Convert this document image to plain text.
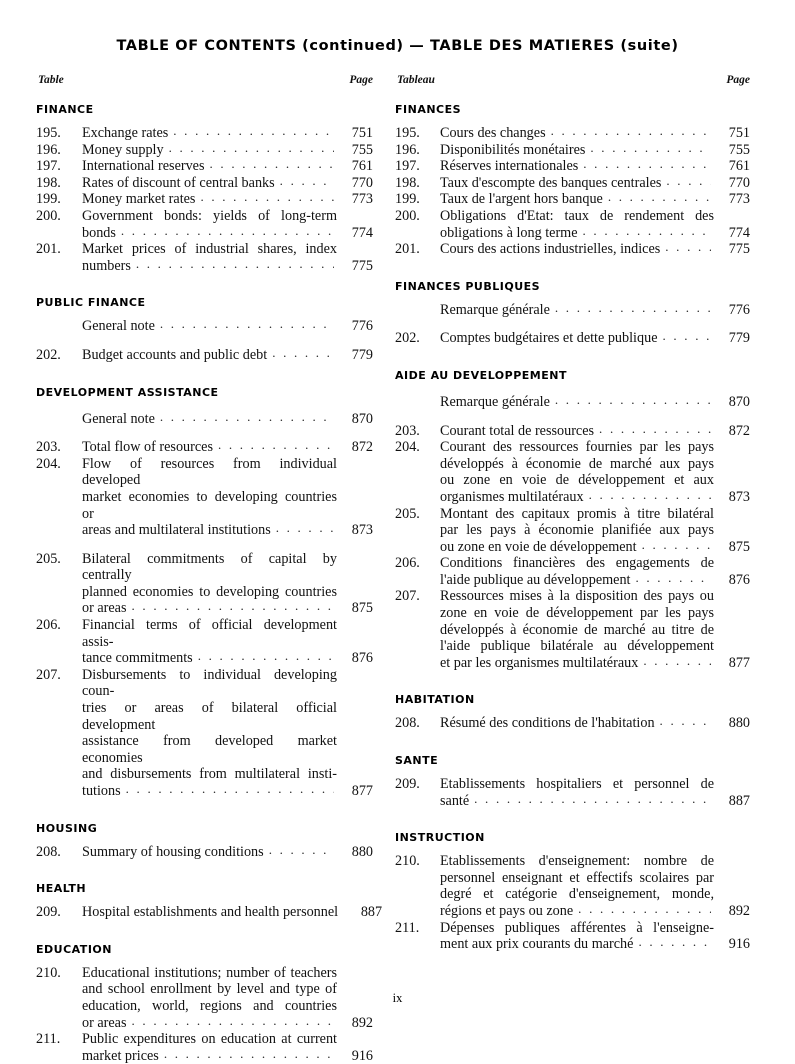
TABLE OF CONTENTS (continued) — TABLE DES MATIERES (suite)
Table	Page
FINANCE
195.	Exchange rates . . .	751
196.	Money supply . . .	755
197.	International reserves . . .	761
198.	Rates of discount of central banks . . .	770
199.	Money market rates . . .	773
200.	Government bonds: yields of long-term
bonds . . .	774
201.	Market prices of industrial shares, index
numbers . . .	775
PUBLIC FINANCE
General note . . .	776
202.	Budget accounts and public debt . . .	779
DEVELOPMENT ASSISTANCE
General note . . .	870
203.	Total flow of resources . . .	872
204.	Flow of resources from individual developed
market economies to developing countries or
areas and multilateral institutions . . .	873
205.	Bilateral commitments of capital by centrally
planned economies to developing countries
or areas . . .	875
206.	Financial terms of official development assis-
tance commitments . . .	876
207.	Disbursements to individual developing coun-
tries or areas of bilateral official development
assistance from developed market economies
and disbursements from multilateral insti-
tutions . . .	877
HOUSING
208.	Summary of housing conditions . . .	880
HEALTH
209.	Hospital establishments and health personnel	887
EDUCATION
210.	Educational institutions; number of teachers
and school enrollment by level and type of
education, world, regions and countries
or areas . . .	892
211.	Public expenditures on education at current
market prices . . .	916
Tableau	Page
FINANCES
195.	Cours des changes . . .	751
196.	Disponibilités monétaires . . .	755
197.	Réserves internationales . . .	761
198.	Taux d'escompte des banques centrales . . .	770
199.	Taux de l'argent hors banque . . .	773
200.	Obligations d'Etat: taux de rendement des
obligations à long terme . . .	774
201.	Cours des actions industrielles, indices . . .	775
FINANCES PUBLIQUES
Remarque générale . . .	776
202.	Comptes budgétaires et dette publique . . .	779
AIDE AU DEVELOPPEMENT
Remarque générale . . .	870
203.	Courant total de ressources . . .	872
204.	Courant des ressources fournies par les pays
développés à économie de marché aux pays
ou zone en voie de développement et aux
organismes multilatéraux . . .	873
205.	Montant des capitaux promis à titre bilatéral
par les pays à économie planifiée aux pays
ou zone en voie de développement . . .	875
206.	Conditions financières des engagements de
l'aide publique au développement . . .	876
207.	Ressources mises à la disposition des pays ou
zone en voie de développement par les pays
développés à économie de marché au titre de
l'aide publique bilatérale au développement
et par les organismes multilatéraux . . .	877
HABITATION
208.	Résumé des conditions de l'habitation . . .	880
SANTE
209.	Etablissements hospitaliers et personnel de
santé . . .	887
INSTRUCTION
210.	Etablissements d'enseignement: nombre de
personnel enseignant et effectifs scolaires par
degré et catégorie d'enseignement, monde,
régions et pays ou zone . . .	892
211.	Dépenses publiques afférentes à l'enseigne-
ment aux prix courants du marché . . .	916
ix
